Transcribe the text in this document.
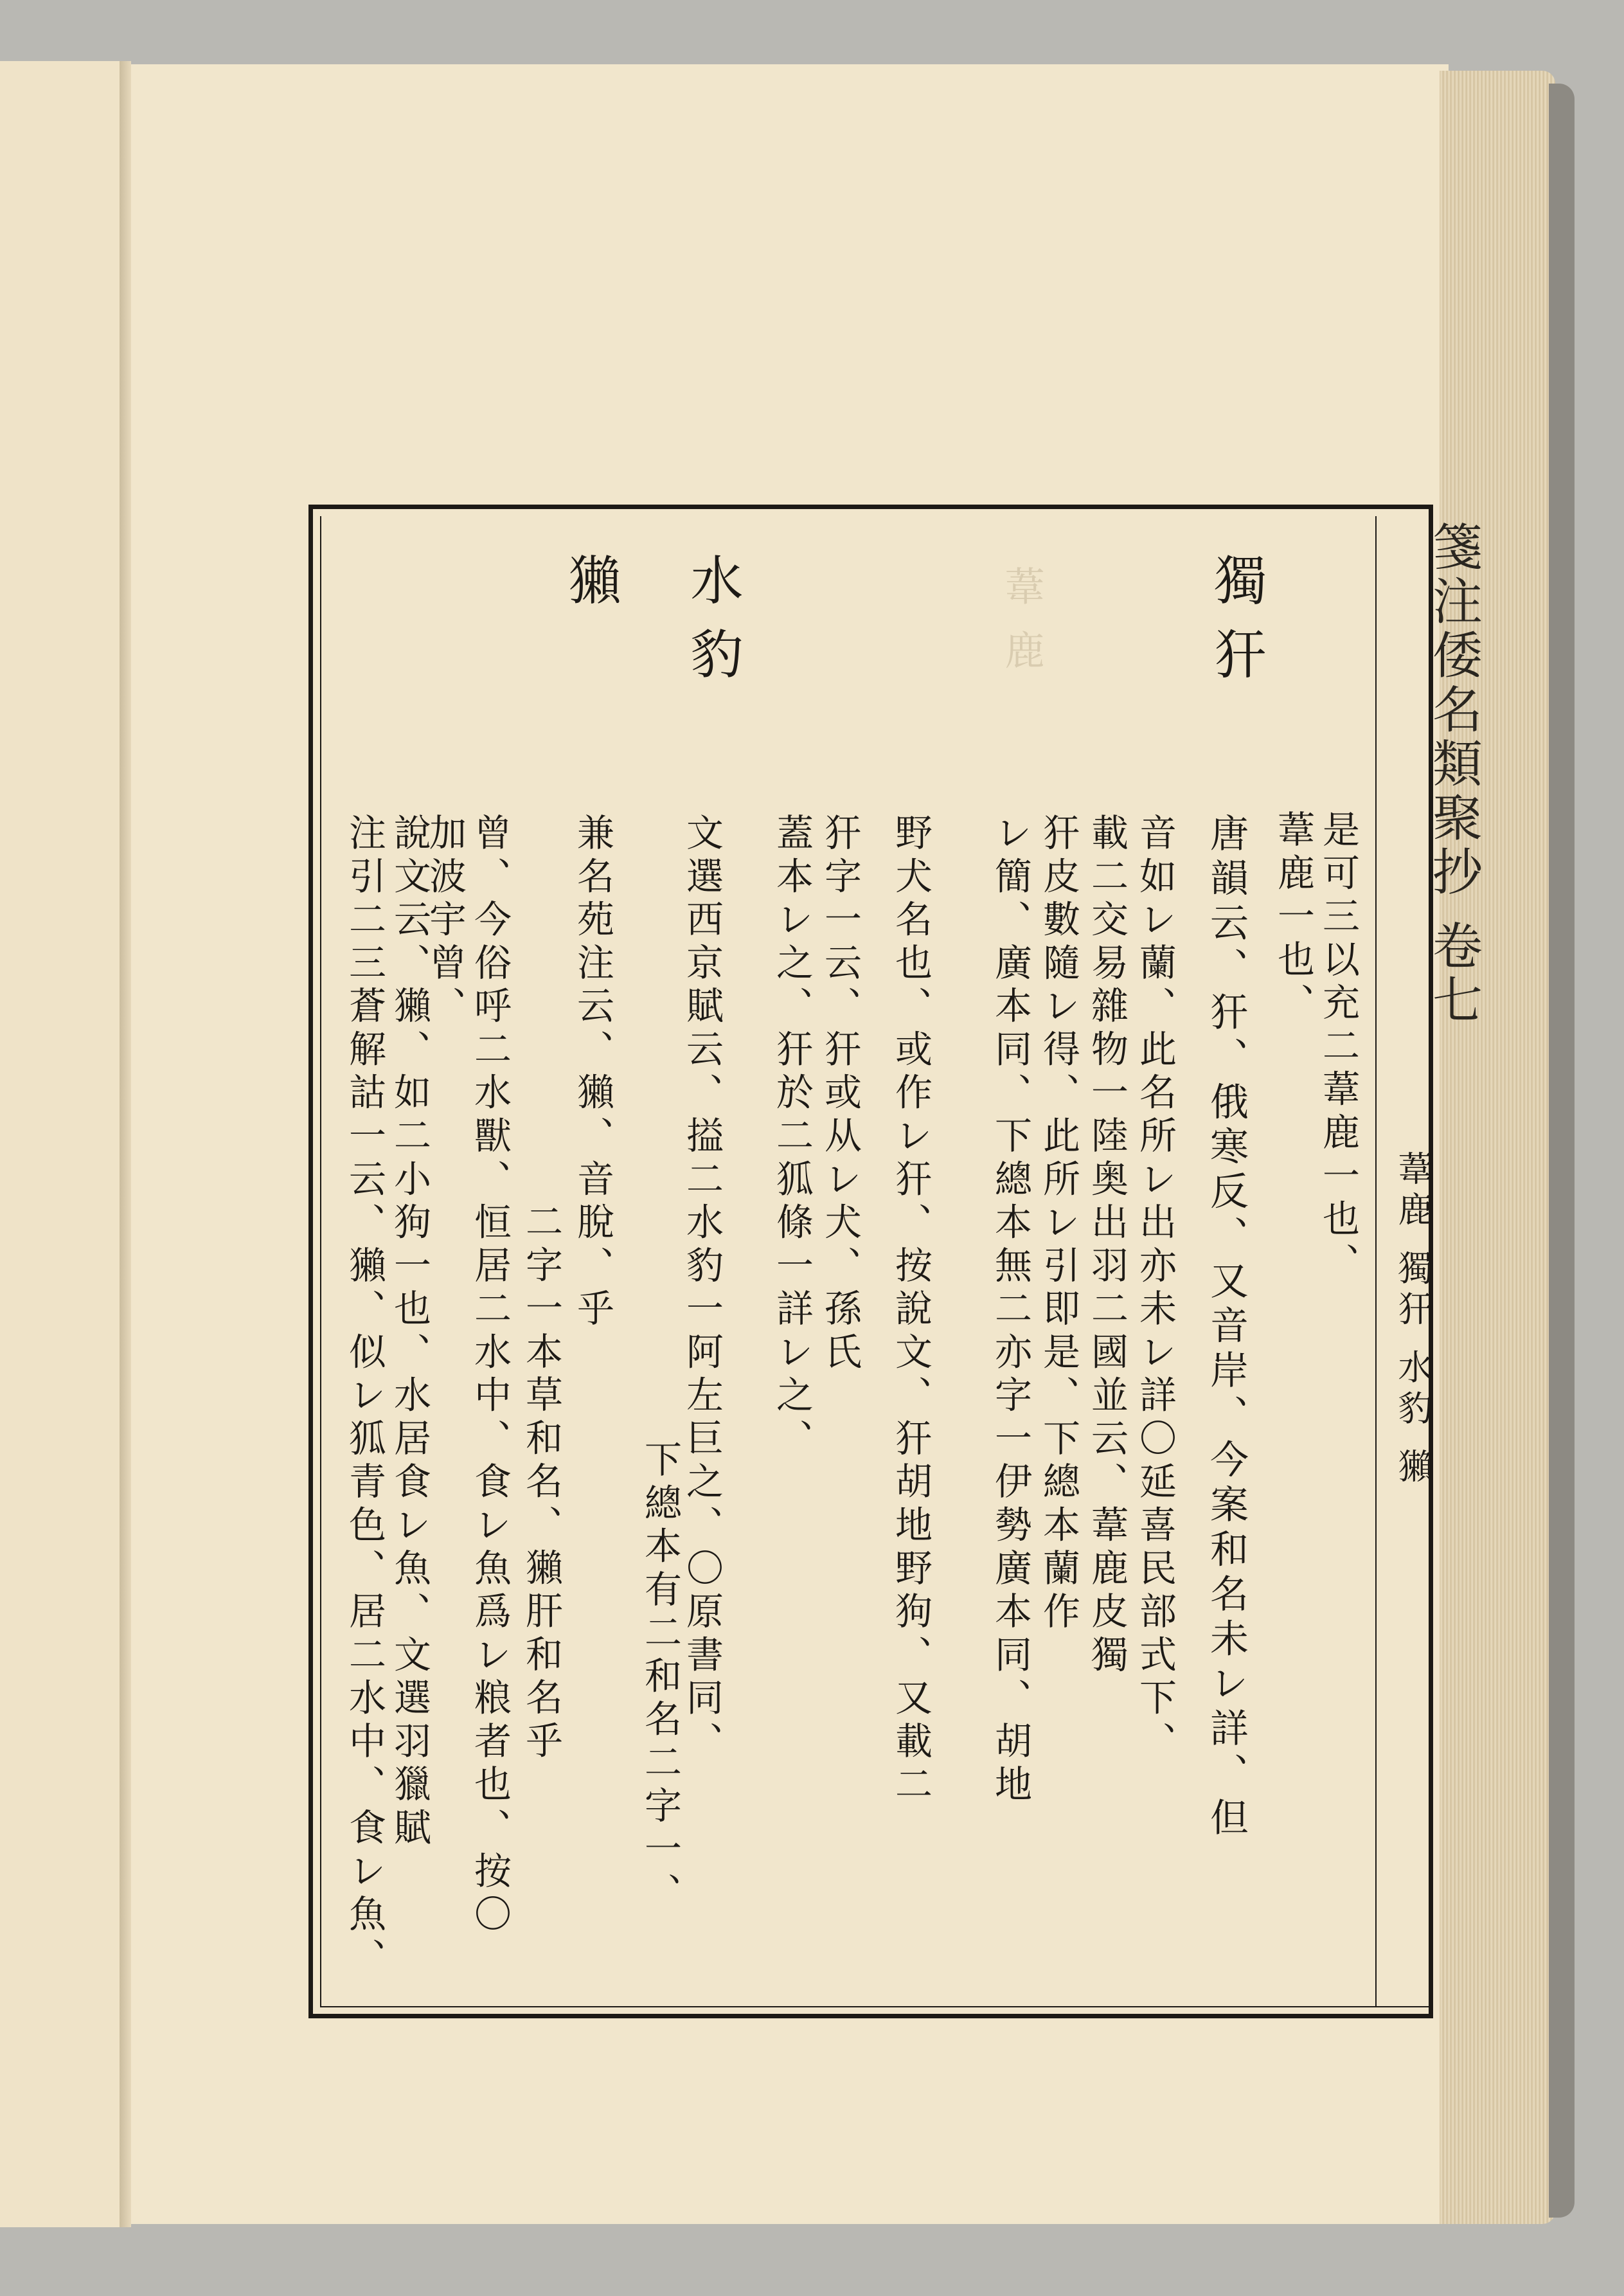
箋注倭名類聚抄 卷七
葦鹿 獨犴 水豹 獺
葦鹿
是可三以充二葦鹿一也、
葦鹿一也、
獨犴
唐韻云、犴、俄寒反、又音岸、今案和名未レ詳、但
音如レ蘭、此名所レ出亦未レ詳〇延喜民部式下、
載二交易雜物一陸奥出羽二國並云、葦鹿皮獨
犴皮數隨レ得、此所レ引即是、下總本蘭作
レ簡、廣本同、下總本無二亦字一伊勢廣本同、胡地
野犬名也、或作レ犴、按說文、犴胡地野狗、又載二
犴字一云、犴或从レ犬、孫氏
蓋本レ之、犴於二狐條一詳レ之、
水豹
文選西京賦云、搤二水豹一阿左巨之、〇原書同、
下總本有二和名二字一、
兼名苑注云、獺、音脫、乎
曾、今俗呼二水獸、恒居二水中、食レ魚爲レ粮者也、按〇 二字一本草和名、獺肝和名乎
加波宇曾、
獺
說文云、獺、如二小狗一也、水居食レ魚、文選羽獵賦
注引二三蒼解詁一云、獺、似レ狐青色、居二水中、食レ魚、
